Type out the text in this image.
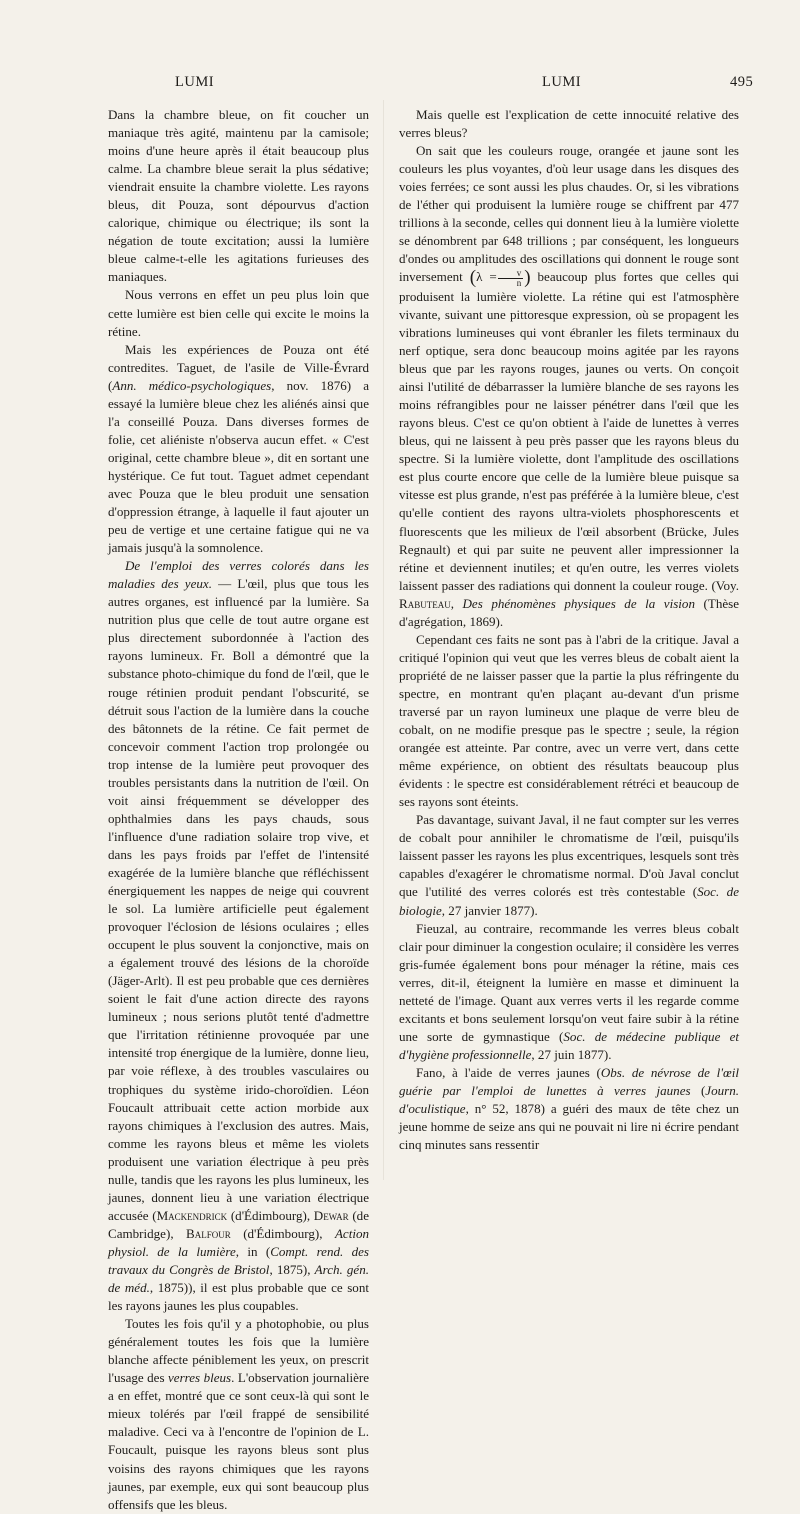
LUMI	LUMI	495

Dans la chambre bleue, on fit coucher un maniaque très agité, maintenu par la camisole; moins d'une heure après il était beaucoup plus calme. La chambre bleue serait la plus sédative; viendrait ensuite la chambre violette. Les rayons bleus, dit Pouza, sont dépourvus d'action calorique, chimique ou électrique; ils sont la négation de toute excitation; aussi la lumière bleue calme-t-elle les agitations furieuses des maniaques.

Nous verrons en effet un peu plus loin que cette lumière est bien celle qui excite le moins la rétine.

Mais les expériences de Pouza ont été contredites. Taguet, de l'asile de Ville-Évrard (Ann. médico-psychologiques, nov. 1876) a essayé la lumière bleue chez les aliénés ainsi que l'a conseillé Pouza. Dans diverses formes de folie, cet aliéniste n'observa aucun effet. « C'est original, cette chambre bleue », dit en sortant une hystérique. Ce fut tout. Taguet admet cependant avec Pouza que le bleu produit une sensation d'oppression étrange, à laquelle il faut ajouter un peu de vertige et une certaine fatigue qui ne va jamais jusqu'à la somnolence.

De l'emploi des verres colorés dans les maladies des yeux. — L'œil, plus que tous les autres organes, est influencé par la lumière. Sa nutrition plus que celle de tout autre organe est plus directement subordonnée à l'action des rayons lumineux. Fr. Boll a démontré que la substance photo-chimique du fond de l'œil, que le rouge rétinien produit pendant l'obscurité, se détruit sous l'action de la lumière dans la couche des bâtonnets de la rétine. Ce fait permet de concevoir comment l'action trop prolongée ou trop intense de la lumière peut provoquer des troubles persistants dans la nutrition de l'œil. On voit ainsi fréquemment se développer des ophthalmies dans les pays chauds, sous l'influence d'une radiation solaire trop vive, et dans les pays froids par l'effet de l'intensité exagérée de la lumière blanche que réfléchissent énergiquement les nappes de neige qui couvrent le sol. La lumière artificielle peut également provoquer l'éclosion de lésions oculaires ; elles occupent le plus souvent la conjonctive, mais on a également trouvé des lésions de la choroïde (Jäger-Arlt). Il est peu probable que ces dernières soient le fait d'une action directe des rayons lumineux ; nous serions plutôt tenté d'admettre que l'irritation rétinienne provoquée par une intensité trop énergique de la lumière, donne lieu, par voie réflexe, à des troubles vasculaires ou trophiques du système irido-choroïdien. Léon Foucault attribuait cette action morbide aux rayons chimiques à l'exclusion des autres. Mais, comme les rayons bleus et même les violets produisent une variation électrique à peu près nulle, tandis que les rayons les plus lumineux, les jaunes, donnent lieu à une variation électrique accusée (Mackendrick (d'Édimbourg), Dewar (de Cambridge), Balfour (d'Édimbourg), Action physiol. de la lumière, in (Compt. rend. des travaux du Congrès de Bristol, 1875), Arch. gén. de méd., 1875)), il est plus probable que ce sont les rayons jaunes les plus coupables.

Toutes les fois qu'il y a photophobie, ou plus généralement toutes les fois que la lumière blanche affecte péniblement les yeux, on prescrit l'usage des verres bleus. L'observation journalière a en effet, montré que ce sont ceux-là qui sont le mieux tolérés par l'œil frappé de sensibilité maladive. Ceci va à l'encontre de l'opinion de L. Foucault, puisque les rayons bleus sont plus voisins des rayons chimiques que les rayons jaunes, par exemple, eux qui sont beaucoup plus offensifs que les bleus.

Mais quelle est l'explication de cette innocuité relative des verres bleus?

On sait que les couleurs rouge, orangée et jaune sont les couleurs les plus voyantes, d'où leur usage dans les disques des voies ferrées; ce sont aussi les plus chaudes. Or, si les vibrations de l'éther qui produisent la lumière rouge se chiffrent par 477 trillions à la seconde, celles qui donnent lieu à la lumière violette se dénombrent par 648 trillions ; par conséquent, les longueurs d'ondes ou amplitudes des oscillations qui donnent le rouge sont inversement ($\lambda = \frac{v}{n}$ ) beaucoup plus fortes que celles qui produisent la lumière violette. La rétine qui est l'atmosphère vivante, suivant une pittoresque expression, où se propagent les vibrations lumineuses qui vont ébranler les filets terminaux du nerf optique, sera donc beaucoup moins agitée par les rayons bleus que par les rayons rouges, jaunes ou verts. On conçoit ainsi l'utilité de débarrasser la lumière blanche de ses rayons les moins réfrangibles pour ne laisser pénétrer dans l'œil que les rayons bleus. C'est ce qu'on obtient à l'aide de lunettes à verres bleus, qui ne laissent à peu près passer que les rayons bleus du spectre. Si la lumière violette, dont l'amplitude des oscillations est plus courte encore que celle de la lumière bleue puisque sa vitesse est plus grande, n'est pas préférée à la lumière bleue, c'est qu'elle contient des rayons ultra-violets phosphorescents et fluorescents que les milieux de l'œil absorbent (Brücke, Jules Regnault) et qui par suite ne peuvent aller impressionner la rétine et deviennent inutiles; et qu'en outre, les verres violets laissent passer des radiations qui donnent la couleur rouge. (Voy. Rabuteau, Des phénomènes physiques de la vision (Thèse d'agrégation, 1869).

Cependant ces faits ne sont pas à l'abri de la critique. Javal a critiqué l'opinion qui veut que les verres bleus de cobalt aient la propriété de ne laisser passer que la partie la plus réfringente du spectre, en montrant qu'en plaçant au-devant d'un prisme traversé par un rayon lumineux une plaque de verre bleu de cobalt, on ne modifie presque pas le spectre ; seule, la région orangée est atteinte. Par contre, avec un verre vert, dans cette même expérience, on obtient des résultats beaucoup plus évidents : le spectre est considérablement rétréci et beaucoup de ses rayons sont éteints.

Pas davantage, suivant Javal, il ne faut compter sur les verres de cobalt pour annihiler le chromatisme de l'œil, puisqu'ils laissent passer les rayons les plus excentriques, lesquels sont très capables d'exagérer le chromatisme normal. D'où Javal conclut que l'utilité des verres colorés est très contestable (Soc. de biologie, 27 janvier 1877).

Fieuzal, au contraire, recommande les verres bleus cobalt clair pour diminuer la congestion oculaire; il considère les verres gris-fumée également bons pour ménager la rétine, mais ces verres, dit-il, éteignent la lumière en masse et diminuent la netteté de l'image. Quant aux verres verts il les regarde comme excitants et bons seulement lorsqu'on veut faire subir à la rétine une sorte de gymnastique (Soc. de médecine publique et d'hygiène professionnelle, 27 juin 1877).

Fano, à l'aide de verres jaunes (Obs. de névrose de l'œil guérie par l'emploi de lunettes à verres jaunes (Journ. d'oculistique, n° 52, 1878) a guéri des maux de tête chez un jeune homme de seize ans qui ne pouvait ni lire ni écrire pendant cinq minutes sans ressentir
